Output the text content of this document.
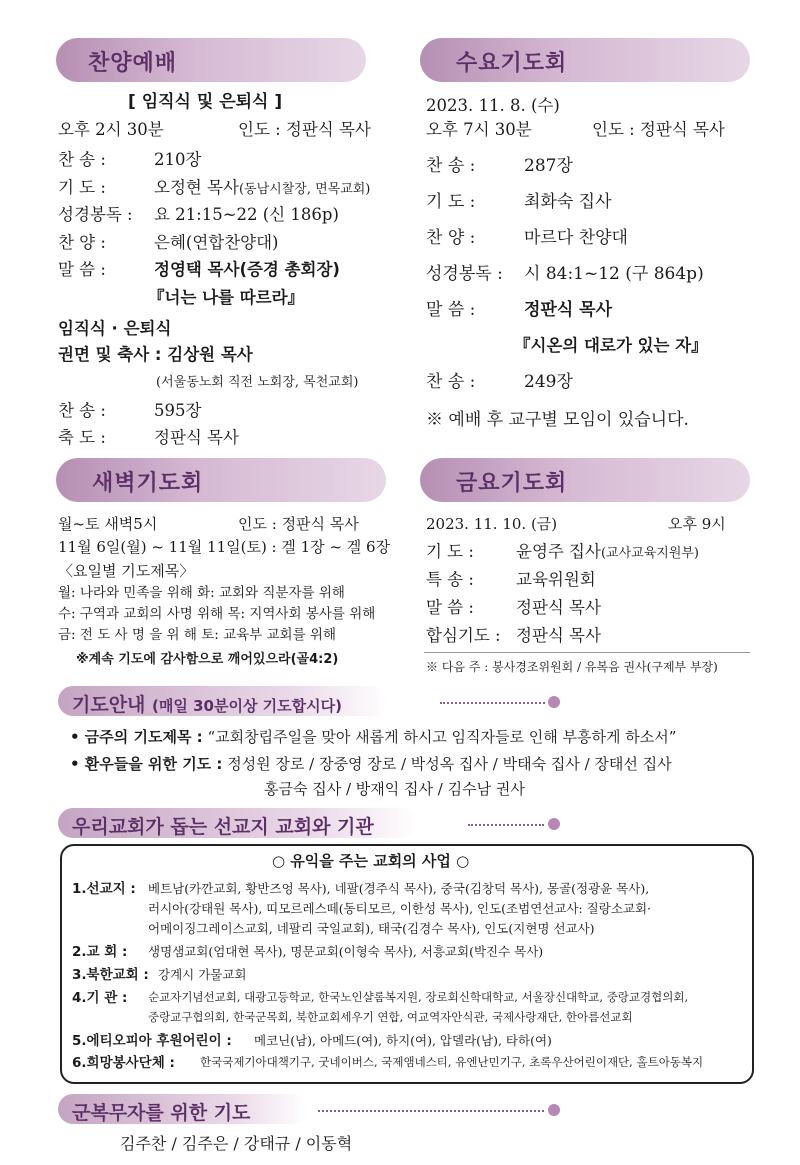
찬양예배
[ 임직식 및 은퇴식 ]
오후 2시 30분	인도 : 정판식 목사
찬 송 :	210장
기 도 :	오정현 목사(동남시찰장, 면목교회)
성경봉독 : 요 21:15~22 (신 186p)
찬 양 :	은혜(연합찬양대)
말 씀 :	정영택 목사(증경 총회장)
『너는 나를 따르라』
임직식 · 은퇴식
권면 및 축사 : 김상원 목사
(서울동노회 직전 노회장, 목천교회)
찬 송 :	595장
축 도 :	정판식 목사
수요기도회
2023. 11. 8. (수)
오후 7시 30분	인도 : 정판식 목사
찬 송 :	287장
기 도 :	최화숙 집사
찬 양 :	마르다 찬양대
성경봉독 : 시 84:1~12 (구 864p)
말 씀 :	정판식 목사
『시온의 대로가 있는 자』
찬 송 :	249장
※ 예배 후 교구별 모임이 있습니다.
새벽기도회
월~토 새벽5시	인도 : 정판식 목사
11월 6일(월) ~ 11월 11일(토) : 겔 1장 ~ 겔 6장
〈요일별 기도제목〉
월: 나라와 민족을 위해 화: 교회와 직분자를 위해
수: 구역과 교회의 사명 위해 목: 지역사회 봉사를 위해
금: 전 도 사 명 을 위 해 토: 교육부 교회를 위해
※계속 기도에 감사함으로 깨어있으라(골4:2)
금요기도회
2023. 11. 10. (금)	오후 9시
기 도 :	윤영주 집사(교사교육지원부)
특 송 :	교육위원회
말 씀 :	정판식 목사
합심기도 : 정판식 목사
※ 다음 주 : 봉사경조위원회 / 유복음 권사(구제부 부장)
기도안내 (매일 30분이상 기도합시다)
• 금주의 기도제목 : “교회창립주일을 맞아 새롭게 하시고 임직자들로 인해 부흥하게 하소서”
• 환우들을 위한 기도 : 정성원 장로 / 장중영 장로 / 박성옥 집사 / 박태숙 집사 / 장태선 집사
홍금숙 집사 / 방재익 집사 / 김수남 권사
우리교회가 돕는 선교지 교회와 기관
○ 유익을 주는 교회의 사업 ○
1.선교지 : 베트남(카깐교회, 황반즈엉 목사), 네팔(경주식 목사), 중국(김창덕 목사), 몽골(정광윤 목사),
러시아(강태원 목사), 띠모르레스떼(동티모르, 이한성 목사), 인도(조범연선교사: 질랑소교회·
어메이징그레이스교회, 네팔리 국일교회), 태국(김경수 목사), 인도(지현명 선교사)
2.교 회 : 생명샘교회(엄대현 목사), 명문교회(이형숙 목사), 서흥교회(박진수 목사)
3.북한교회 : 강계시 가물교회
4.기 관 : 순교자기념선교회, 대광고등학교, 한국노인샬롬복지원, 장로회신학대학교, 서울장신대학교, 중랑교경협의회,
중랑교구협의회, 한국군목회, 북한교회세우기 연합, 여교역자안식관, 국제사랑재단, 한아름선교회
5.에티오피아 후원어린이 : 메코닌(남), 아메드(여), 하지(여), 압델라(남), 타하(여)
6.희망봉사단체 : 한국국제기아대책기구, 굿네이버스, 국제앰네스티, 유엔난민기구, 초록우산어린이재단, 홀트아동복지
군복무자를 위한 기도
김주찬 / 김주은 / 강태규 / 이동혁
